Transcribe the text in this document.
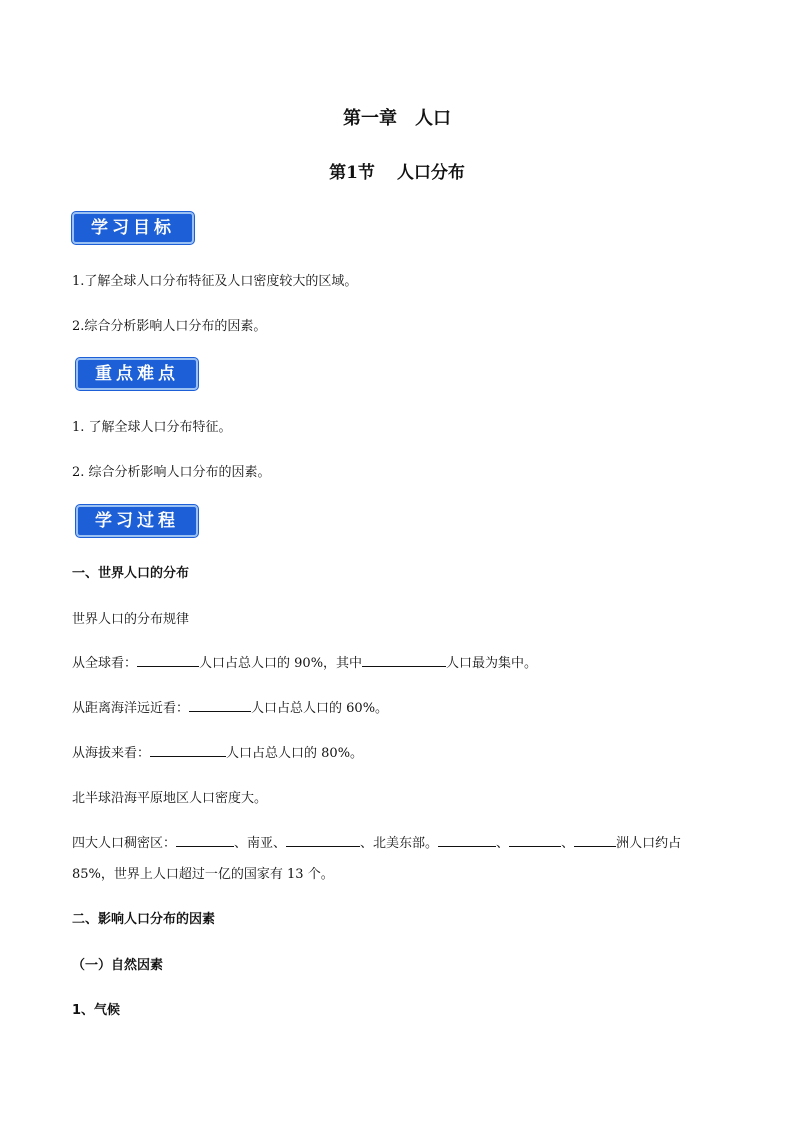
第一章　人口
第1节 人口分布
学习目标
1.了解全球人口分布特征及人口密度较大的区域。
2.综合分析影响人口分布的因素。
重点难点
1. 了解全球人口分布特征。
2. 综合分析影响人口分布的因素。
学习过程
一、世界人口的分布
世界人口的分布规律
从全球看：	人口占总人口的 90%，其中	人口最为集中。
从距离海洋远近看：	人口占总人口的 60%。
从海拔来看：	人口占总人口的 80%。
北半球沿海平原地区人口密度大。
四大人口稠密区：	、南亚、	、北美东部。	、	、	洲人口约占
85%，世界上人口超过一亿的国家有 13 个。
二、影响人口分布的因素
（一）自然因素
1、气候
